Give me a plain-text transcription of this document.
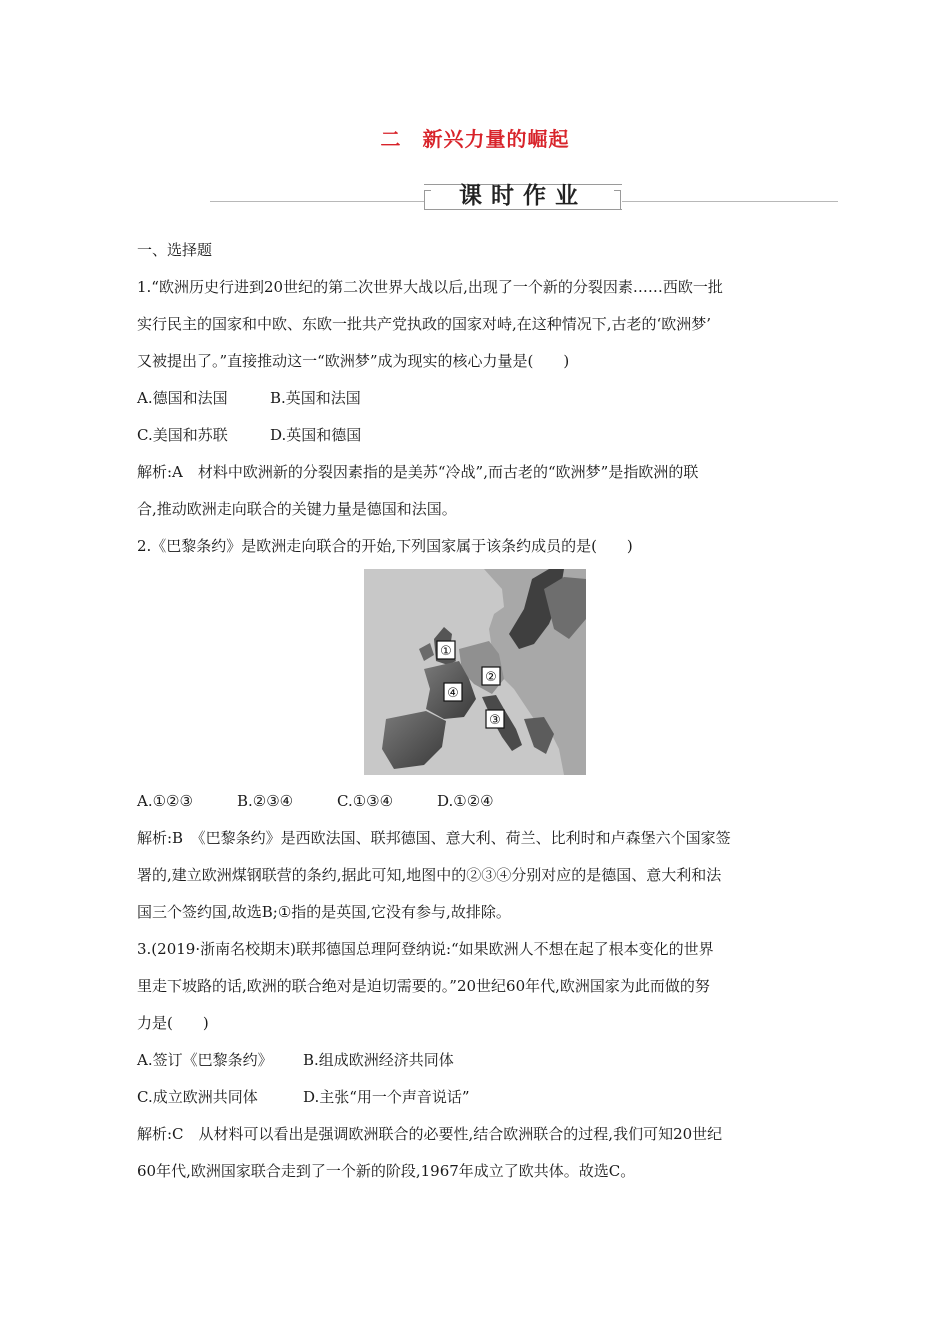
二　新兴力量的崛起
课时作业
一、选择题
1.“欧洲历史行进到20世纪的第二次世界大战以后,出现了一个新的分裂因素……西欧一批
实行民主的国家和中欧、东欧一批共产党执政的国家对峙,在这种情况下,古老的‘欧洲梦’
又被提出了。”直接推动这一“欧洲梦”成为现实的核心力量是(　　)
A.德国和法国	B.英国和法国
C.美国和苏联	D.英国和德国
解析:A　材料中欧洲新的分裂因素指的是美苏“冷战”,而古老的“欧洲梦”是指欧洲的联
合,推动欧洲走向联合的关键力量是德国和法国。
2.《巴黎条约》是欧洲走向联合的开始,下列国家属于该条约成员的是(　　)
①
②
④
③
A.①②③	B.②③④	C.①③④	D.①②④
解析:B　《巴黎条约》是西欧法国、联邦德国、意大利、荷兰、比利时和卢森堡六个国家签
署的,建立欧洲煤钢联营的条约,据此可知,地图中的②③④分别对应的是德国、意大利和法
国三个签约国,故选B;①指的是英国,它没有参与,故排除。
3.(2019·浙南名校期末)联邦德国总理阿登纳说:“如果欧洲人不想在起了根本变化的世界
里走下坡路的话,欧洲的联合绝对是迫切需要的。”20世纪60年代,欧洲国家为此而做的努
力是(　　)
A.签订《巴黎条约》 B.组成欧洲经济共同体
C.成立欧洲共同体	D.主张“用一个声音说话”
解析:C　从材料可以看出是强调欧洲联合的必要性,结合欧洲联合的过程,我们可知20世纪
60年代,欧洲国家联合走到了一个新的阶段,1967年成立了欧共体。故选C。
